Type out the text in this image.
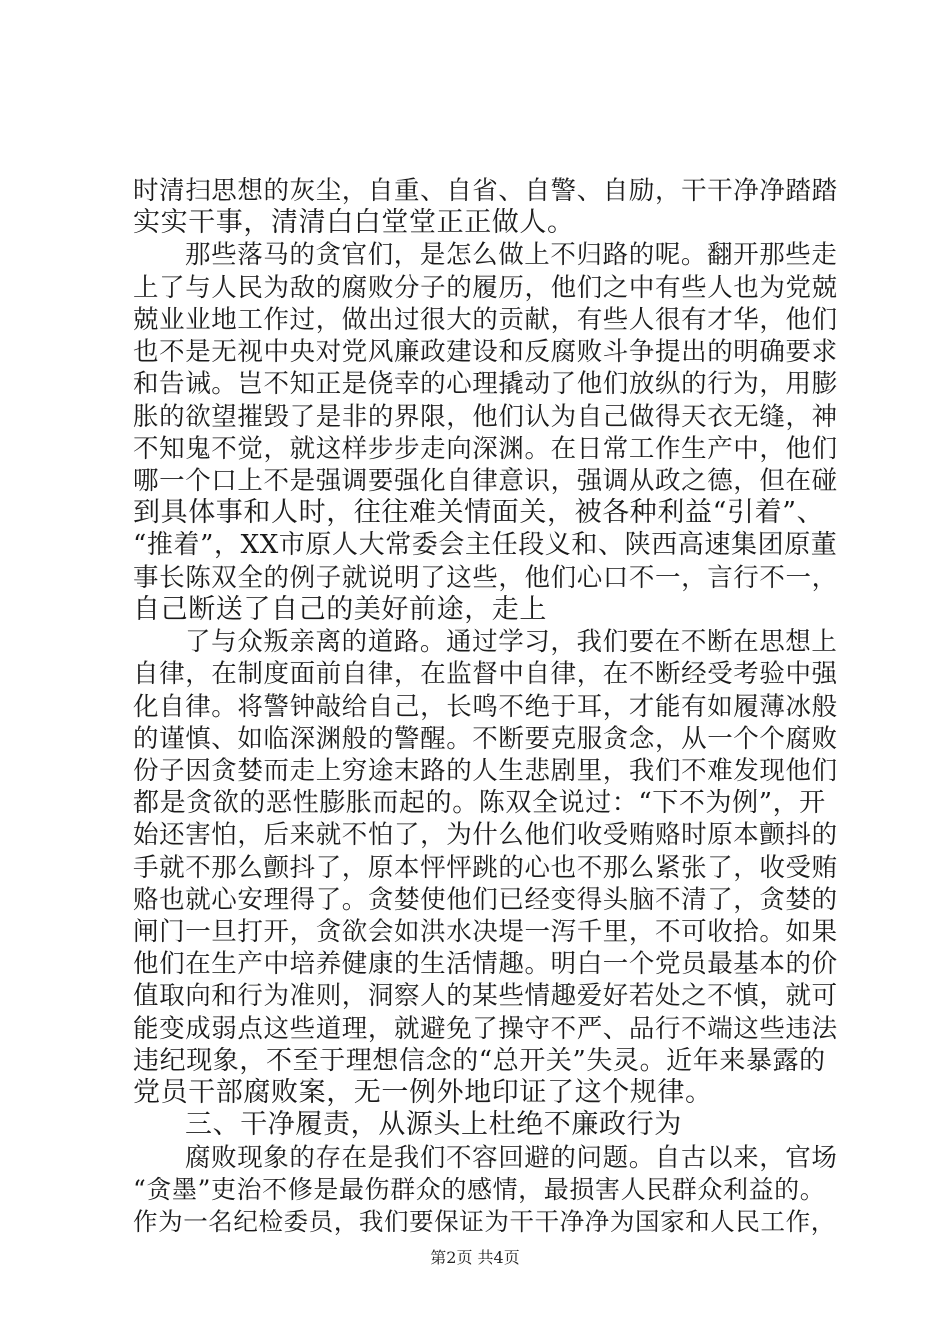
时清扫思想的灰尘，自重、自省、自警、自励，干干净净踏踏
实实干事，清清白白堂堂正正做人。
那些落马的贪官们，是怎么做上不归路的呢。翻开那些走
上了与人民为敌的腐败分子的履历，他们之中有些人也为党兢
兢业业地工作过，做出过很大的贡献，有些人很有才华，他们
也不是无视中央对党风廉政建设和反腐败斗争提出的明确要求
和告诫。岂不知正是侥幸的心理撬动了他们放纵的行为，用膨
胀的欲望摧毁了是非的界限，他们认为自己做得天衣无缝，神
不知鬼不觉，就这样步步走向深渊。在日常工作生产中，他们
哪一个口上不是强调要强化自律意识，强调从政之德，但在碰
到具体事和人时，往往难关情面关，被各种利益“引着”、
“推着”，XX市原人大常委会主任段义和、陕西高速集团原董
事长陈双全的例子就说明了这些，他们心口不一，言行不一，
自己断送了自己的美好前途，走上
了与众叛亲离的道路。通过学习，我们要在不断在思想上
自律，在制度面前自律，在监督中自律，在不断经受考验中强
化自律。将警钟敲给自己，长鸣不绝于耳，才能有如履薄冰般
的谨慎、如临深渊般的警醒。不断要克服贪念，从一个个腐败
份子因贪婪而走上穷途末路的人生悲剧里，我们不难发现他们
都是贪欲的恶性膨胀而起的。陈双全说过：“下不为例”，开
始还害怕，后来就不怕了，为什么他们收受贿赂时原本颤抖的
手就不那么颤抖了，原本怦怦跳的心也不那么紧张了，收受贿
赂也就心安理得了。贪婪使他们已经变得头脑不清了，贪婪的
闸门一旦打开，贪欲会如洪水决堤一泻千里，不可收拾。如果
他们在生产中培养健康的生活情趣。明白一个党员最基本的价
值取向和行为准则，洞察人的某些情趣爱好若处之不慎，就可
能变成弱点这些道理，就避免了操守不严、品行不端这些违法
违纪现象，不至于理想信念的“总开关”失灵。近年来暴露的
党员干部腐败案，无一例外地印证了这个规律。
三、干净履责，从源头上杜绝不廉政行为
腐败现象的存在是我们不容回避的问题。自古以来，官场
“贪墨”吏治不修是最伤群众的感情，最损害人民群众利益的。
作为一名纪检委员，我们要保证为干干净净为国家和人民工作，
第2页 共4页
